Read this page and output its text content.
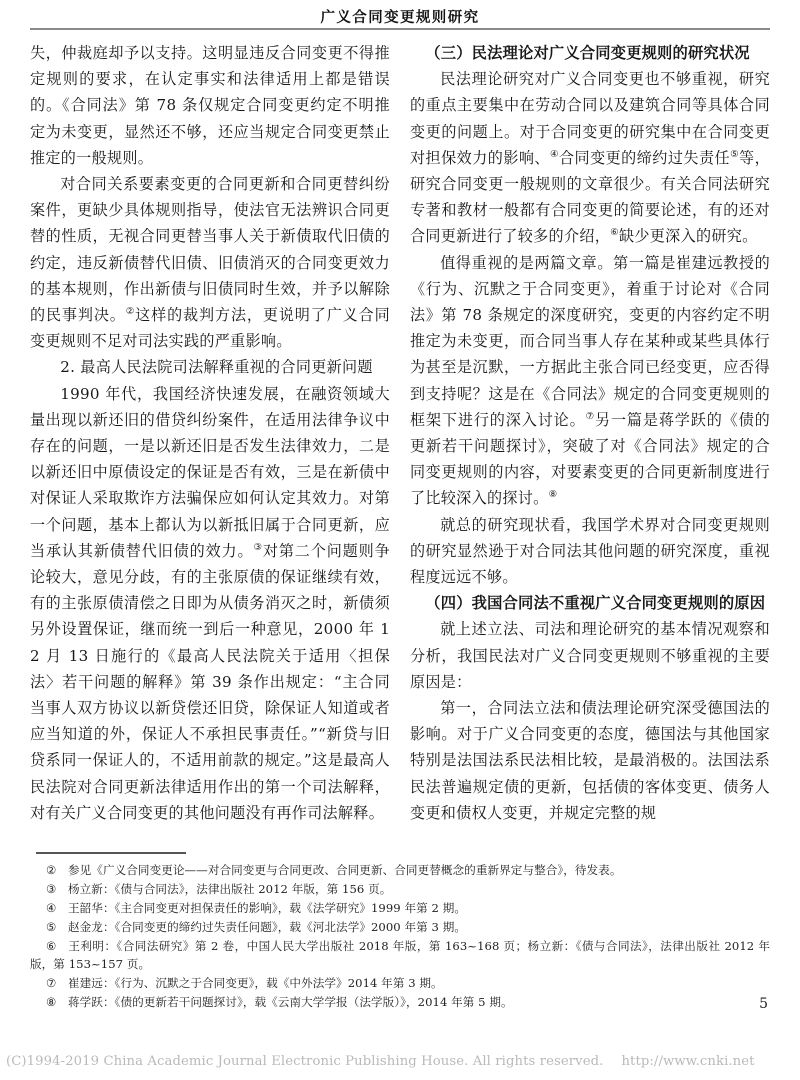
广义合同变更规则研究

失，仲裁庭却予以支持。这明显违反合同变更不得推定规则的要求，在认定事实和法律适用上都是错误的。《合同法》第 78 条仅规定合同变更约定不明推定为未变更，显然还不够，还应当规定合同变更禁止推定的一般规则。

对合同关系要素变更的合同更新和合同更替纠纷案件，更缺少具体规则指导，使法官无法辨识合同更替的性质，无视合同更替当事人关于新债取代旧债的约定，违反新债替代旧债、旧债消灭的合同变更效力的基本规则，作出新债与旧债同时生效，并予以解除的民事判决。②这样的裁判方法，更说明了广义合同变更规则不足对司法实践的严重影响。

2. 最高人民法院司法解释重视的合同更新问题

1990 年代，我国经济快速发展，在融资领域大量出现以新还旧的借贷纠纷案件，在适用法律争议中存在的问题，一是以新还旧是否发生法律效力，二是以新还旧中原债设定的保证是否有效，三是在新债中对保证人采取欺诈方法骗保应如何认定其效力。对第一个问题，基本上都认为以新抵旧属于合同更新，应当承认其新债替代旧债的效力。③对第二个问题则争论较大，意见分歧，有的主张原债的保证继续有效，有的主张原债清偿之日即为从债务消灭之时，新债须另外设置保证，继而统一到后一种意见，2000 年 12 月 13 日施行的《最高人民法院关于适用〈担保法〉若干问题的解释》第 39 条作出规定：“主合同当事人双方协议以新贷偿还旧贷，除保证人知道或者应当知道的外，保证人不承担民事责任。”“新贷与旧贷系同一保证人的，不适用前款的规定。”这是最高人民法院对合同更新法律适用作出的第一个司法解释，对有关广义合同变更的其他问题没有再作司法解释。

（三）民法理论对广义合同变更规则的研究状况

民法理论研究对广义合同变更也不够重视，研究的重点主要集中在劳动合同以及建筑合同等具体合同变更的问题上。对于合同变更的研究集中在合同变更对担保效力的影响、④合同变更的缔约过失责任⑤等，研究合同变更一般规则的文章很少。有关合同法研究专著和教材一般都有合同变更的简要论述，有的还对合同更新进行了较多的介绍，⑥缺少更深入的研究。

值得重视的是两篇文章。第一篇是崔建远教授的《行为、沉默之于合同变更》，着重于讨论对《合同法》第 78 条规定的深度研究，变更的内容约定不明推定为未变更，而合同当事人存在某种或某些具体行为甚至是沉默，一方据此主张合同已经变更，应否得到支持呢？这是在《合同法》规定的合同变更规则的框架下进行的深入讨论。⑦另一篇是蒋学跃的《债的更新若干问题探讨》，突破了对《合同法》规定的合同变更规则的内容，对要素变更的合同更新制度进行了比较深入的探讨。⑧

就总的研究现状看，我国学术界对合同变更规则的研究显然逊于对合同法其他问题的研究深度，重视程度远远不够。

（四）我国合同法不重视广义合同变更规则的原因

就上述立法、司法和理论研究的基本情况观察和分析，我国民法对广义合同变更规则不够重视的主要原因是：

第一，合同法立法和债法理论研究深受德国法的影响。对于广义合同变更的态度，德国法与其他国家特别是法国法系民法相比较，是最消极的。法国法系民法普遍规定债的更新，包括债的客体变更、债务人变更和债权人变更，并规定完整的规

② 参见《广义合同变更论——对合同变更与合同更改、合同更新、合同更替概念的重新界定与整合》，待发表。
③ 杨立新：《债与合同法》，法律出版社 2012 年版，第 156 页。
④ 王韶华：《主合同变更对担保责任的影响》，载《法学研究》1999 年第 2 期。
⑤ 赵金龙：《合同变更的缔约过失责任问题》，载《河北法学》2000 年第 3 期。
⑥ 王利明：《合同法研究》第 2 卷，中国人民大学出版社 2018 年版，第 163~168 页；杨立新：《债与合同法》，法律出版社 2012 年版，第 153~157 页。
⑦ 崔建远：《行为、沉默之于合同变更》，载《中外法学》2014 年第 3 期。
⑧ 蒋学跃：《债的更新若干问题探讨》，载《云南大学学报（法学版）》，2014 年第 5 期。	5
(C)1994-2019 China Academic Journal Electronic Publishing House. All rights reserved. http://www.cnki.net
